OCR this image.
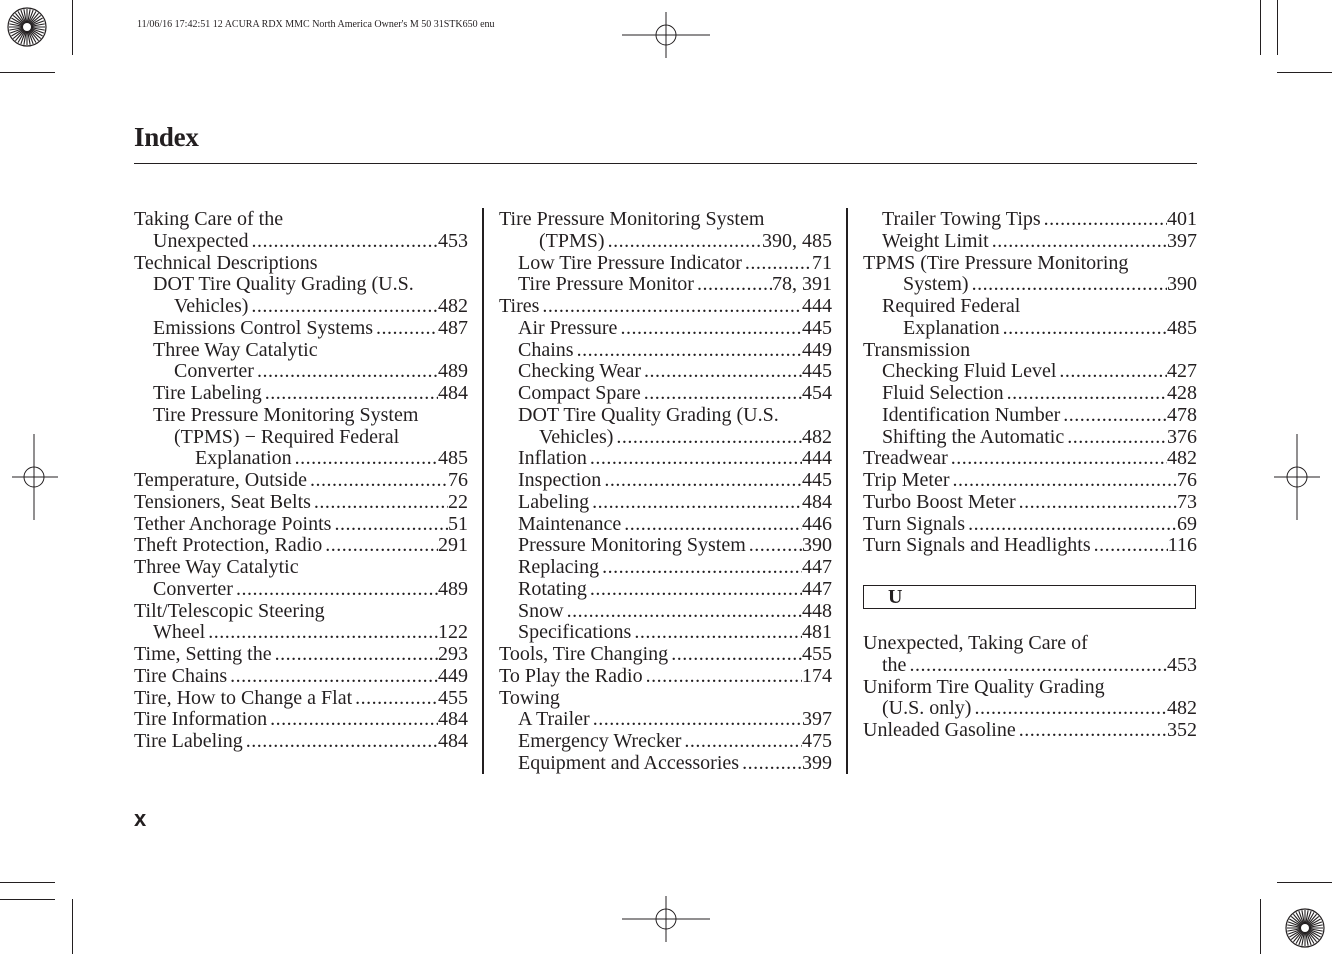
11/06/16 17:42:51 12 ACURA RDX MMC North America Owner's M 50 31STK650 enu
Index
Taking Care of the
Unexpected .....	453
Technical Descriptions
DOT Tire Quality Grading (U.S.
Vehicles) .....	482
Emissions Control Systems .....	487
Three Way Catalytic
Converter .....	489
Tire Labeling .....	484
Tire Pressure Monitoring System
(TPMS) − Required Federal
Explanation .....	485
Temperature, Outside .....	76
Tensioners, Seat Belts .....	22
Tether Anchorage Points .....	51
Theft Protection, Radio .....	291
Three Way Catalytic
Converter .....	489
Tilt/Telescopic Steering
Wheel .....	122
Time, Setting the .....	293
Tire Chains .....	449
Tire, How to Change a Flat .....	455
Tire Information .....	484
Tire Labeling .....	484
Tire Pressure Monitoring System
(TPMS) .....	390, 485
Low Tire Pressure Indicator .....	71
Tire Pressure Monitor .....	78, 391
Tires .....	444
Air Pressure .....	445
Chains .....	449
Checking Wear .....	445
Compact Spare .....	454
DOT Tire Quality Grading (U.S.
Vehicles) .....	482
Inflation .....	444
Inspection .....	445
Labeling .....	484
Maintenance .....	446
Pressure Monitoring System .....	390
Replacing .....	447
Rotating .....	447
Snow .....	448
Specifications .....	481
Tools, Tire Changing .....	455
To Play the Radio .....	174
Towing
A Trailer .....	397
Emergency Wrecker .....	475
Equipment and Accessories .....	399
Trailer Towing Tips .....	401
Weight Limit .....	397
TPMS (Tire Pressure Monitoring
System) .....	390
Required Federal
Explanation .....	485
Transmission
Checking Fluid Level .....	427
Fluid Selection .....	428
Identification Number .....	478
Shifting the Automatic .....	376
Treadwear .....	482
Trip Meter .....	76
Turbo Boost Meter .....	73
Turn Signals .....	69
Turn Signals and Headlights .....	116
U
Unexpected, Taking Care of
the .....	453
Uniform Tire Quality Grading
(U.S. only) .....	482
Unleaded Gasoline .....	352
x
